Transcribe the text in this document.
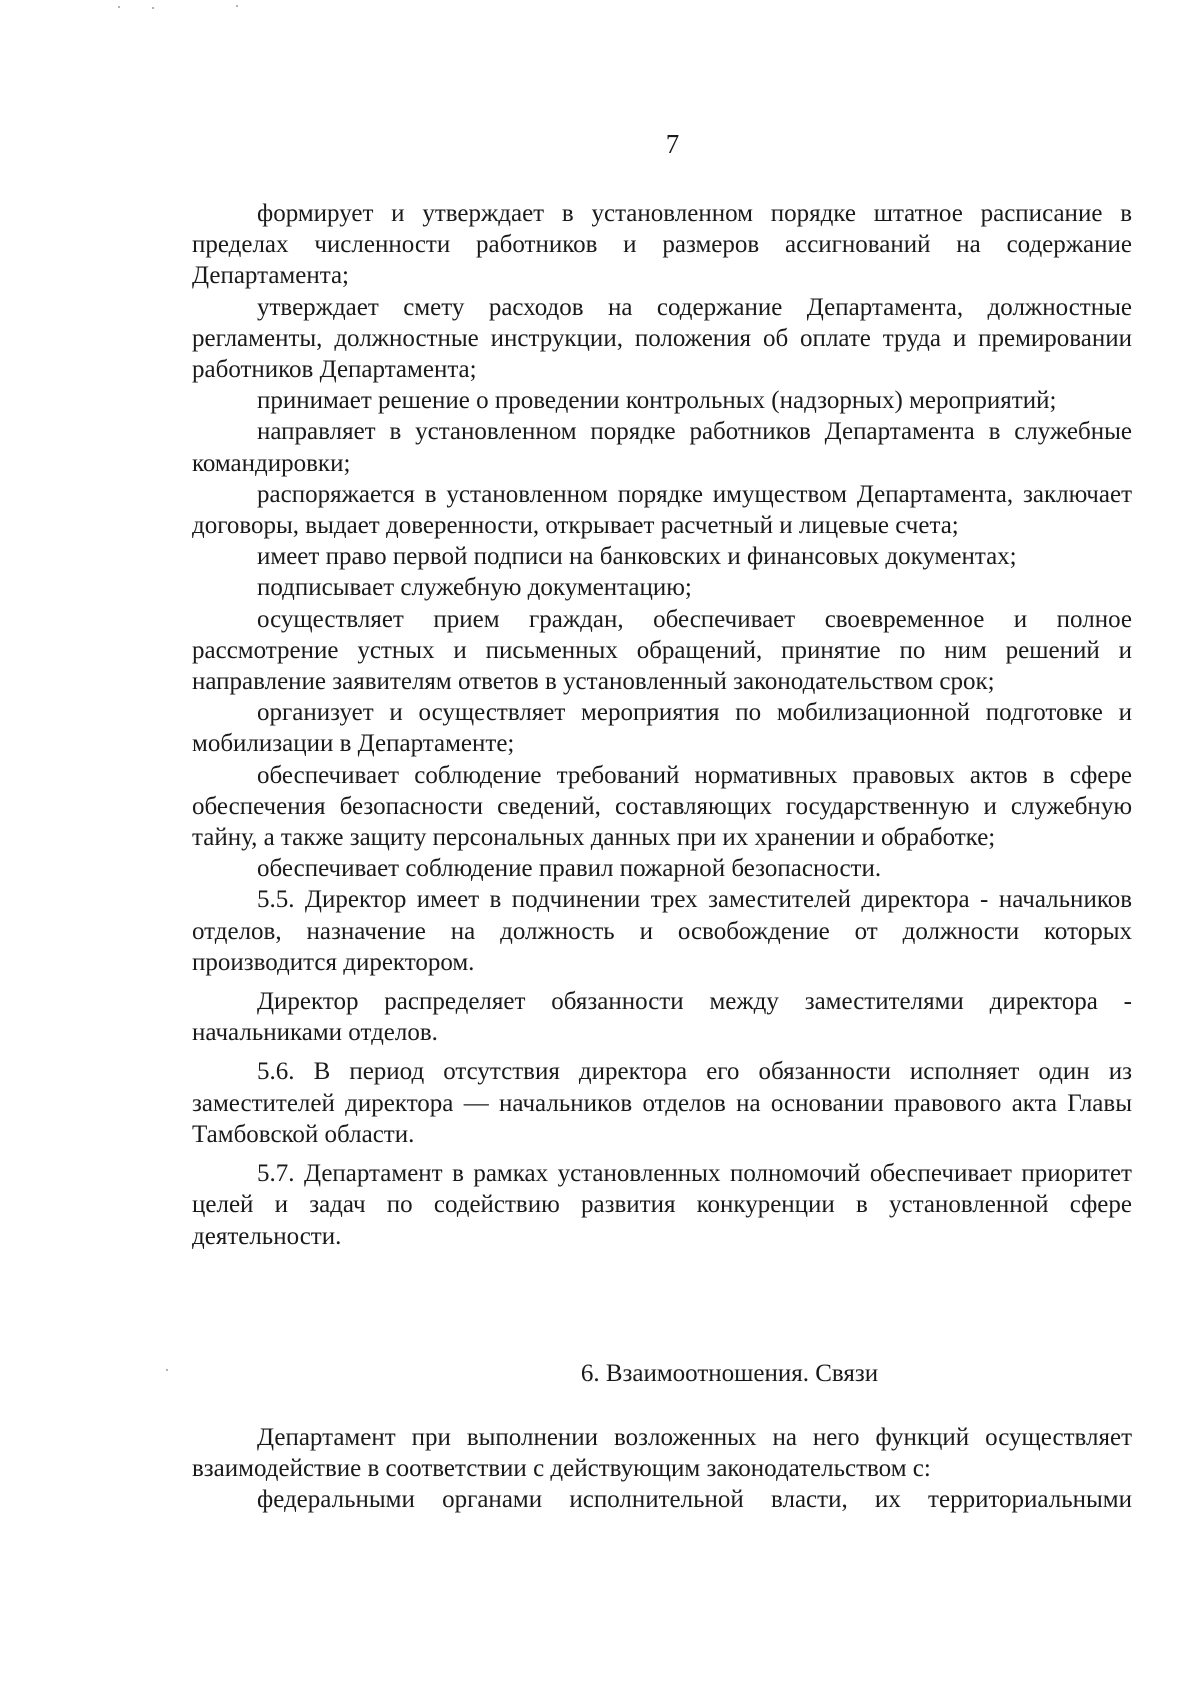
7

формирует и утверждает в установленном порядке штатное расписание в пределах численности работников и размеров ассигнований на содержание Департамента;

утверждает смету расходов на содержание Департамента, должностные регламенты, должностные инструкции, положения об оплате труда и премировании работников Департамента;

принимает решение о проведении контрольных (надзорных) мероприятий;

направляет в установленном порядке работников Департамента в служебные командировки;

распоряжается в установленном порядке имуществом Департамента, заключает договоры, выдает доверенности, открывает расчетный и лицевые счета;

имеет право первой подписи на банковских и финансовых документах;

подписывает служебную документацию;

осуществляет прием граждан, обеспечивает своевременное и полное рассмотрение устных и письменных обращений, принятие по ним решений и направление заявителям ответов в установленный законодательством срок;

организует и осуществляет мероприятия по мобилизационной подготовке и мобилизации в Департаменте;

обеспечивает соблюдение требований нормативных правовых актов в сфере обеспечения безопасности сведений, составляющих государственную и служебную тайну, а также защиту персональных данных при их хранении и обработке;

обеспечивает соблюдение правил пожарной безопасности.

5.5. Директор имеет в подчинении трех заместителей директора - начальников отделов, назначение на должность и освобождение от должности которых производится директором.

Директор распределяет обязанности между заместителями директора - начальниками отделов.

5.6. В период отсутствия директора его обязанности исполняет один из заместителей директора — начальников отделов на основании правового акта Главы Тамбовской области.

5.7. Департамент в рамках установленных полномочий обеспечивает приоритет целей и задач по содействию развития конкуренции в установленной сфере деятельности.

6. Взаимоотношения. Связи

Департамент при выполнении возложенных на него функций осуществляет взаимодействие в соответствии с действующим законодательством с:

федеральными органами исполнительной власти, их территориальными
